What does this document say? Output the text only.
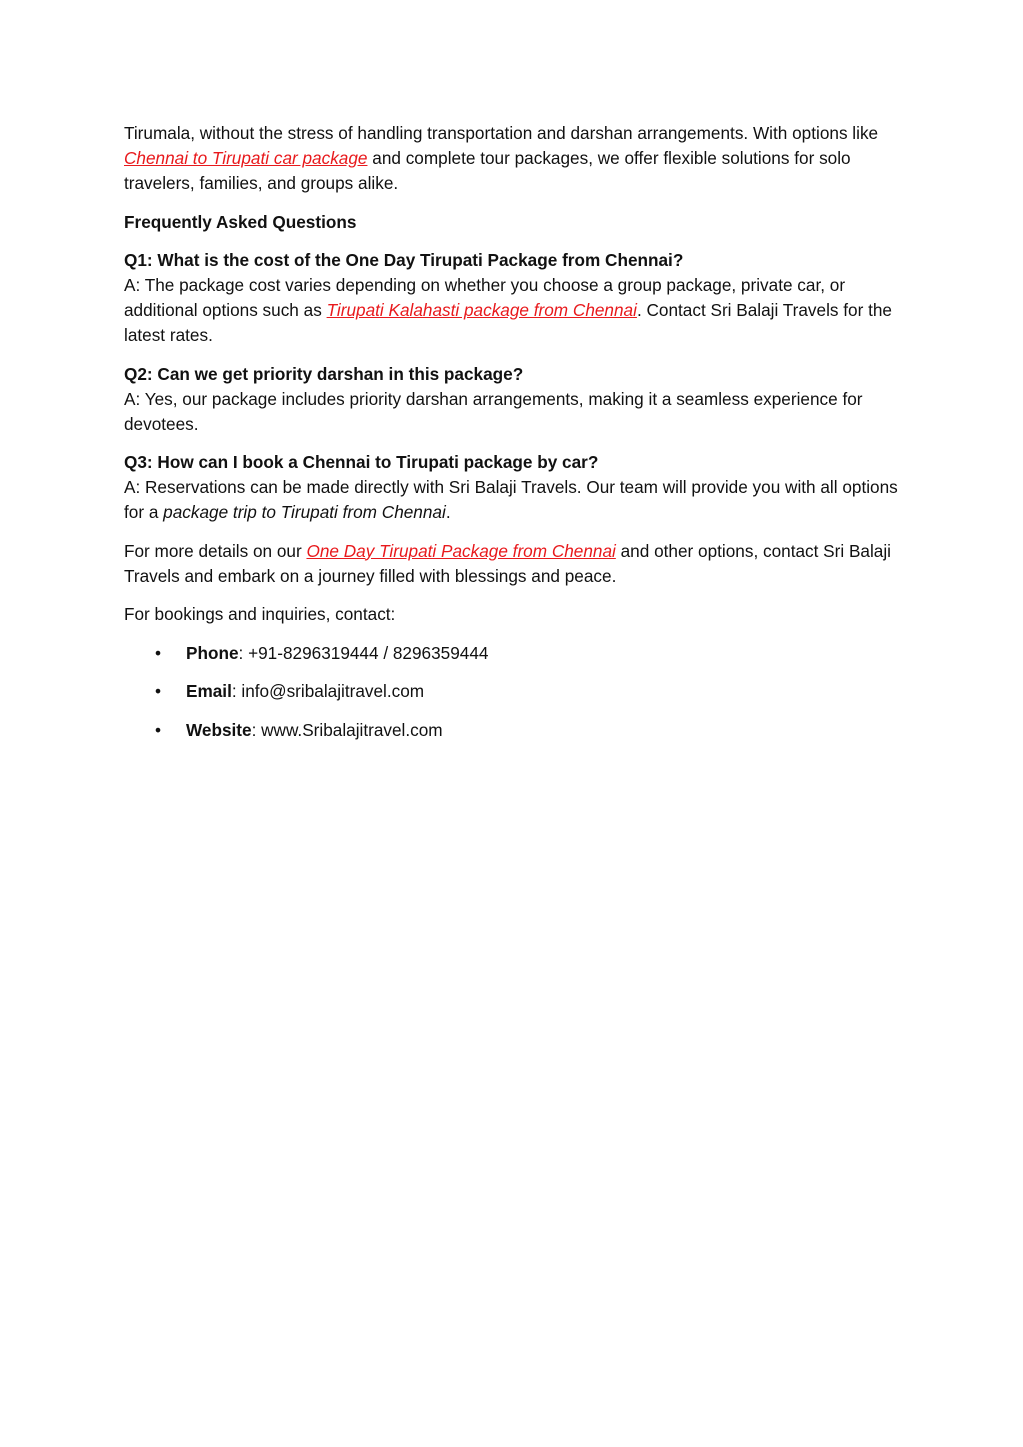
Tirumala, without the stress of handling transportation and darshan arrangements. With options like Chennai to Tirupati car package and complete tour packages, we offer flexible solutions for solo travelers, families, and groups alike.

Frequently Asked Questions

Q1: What is the cost of the One Day Tirupati Package from Chennai?
A: The package cost varies depending on whether you choose a group package, private car, or additional options such as Tirupati Kalahasti package from Chennai. Contact Sri Balaji Travels for the latest rates.

Q2: Can we get priority darshan in this package?
A: Yes, our package includes priority darshan arrangements, making it a seamless experience for devotees.

Q3: How can I book a Chennai to Tirupati package by car?
A: Reservations can be made directly with Sri Balaji Travels. Our team will provide you with all options for a package trip to Tirupati from Chennai.

For more details on our One Day Tirupati Package from Chennai and other options, contact Sri Balaji Travels and embark on a journey filled with blessings and peace.

For bookings and inquiries, contact:

• Phone: +91-8296319444 / 8296359444
• Email: info@sribalajitravel.com
• Website: www.Sribalajitravel.com
